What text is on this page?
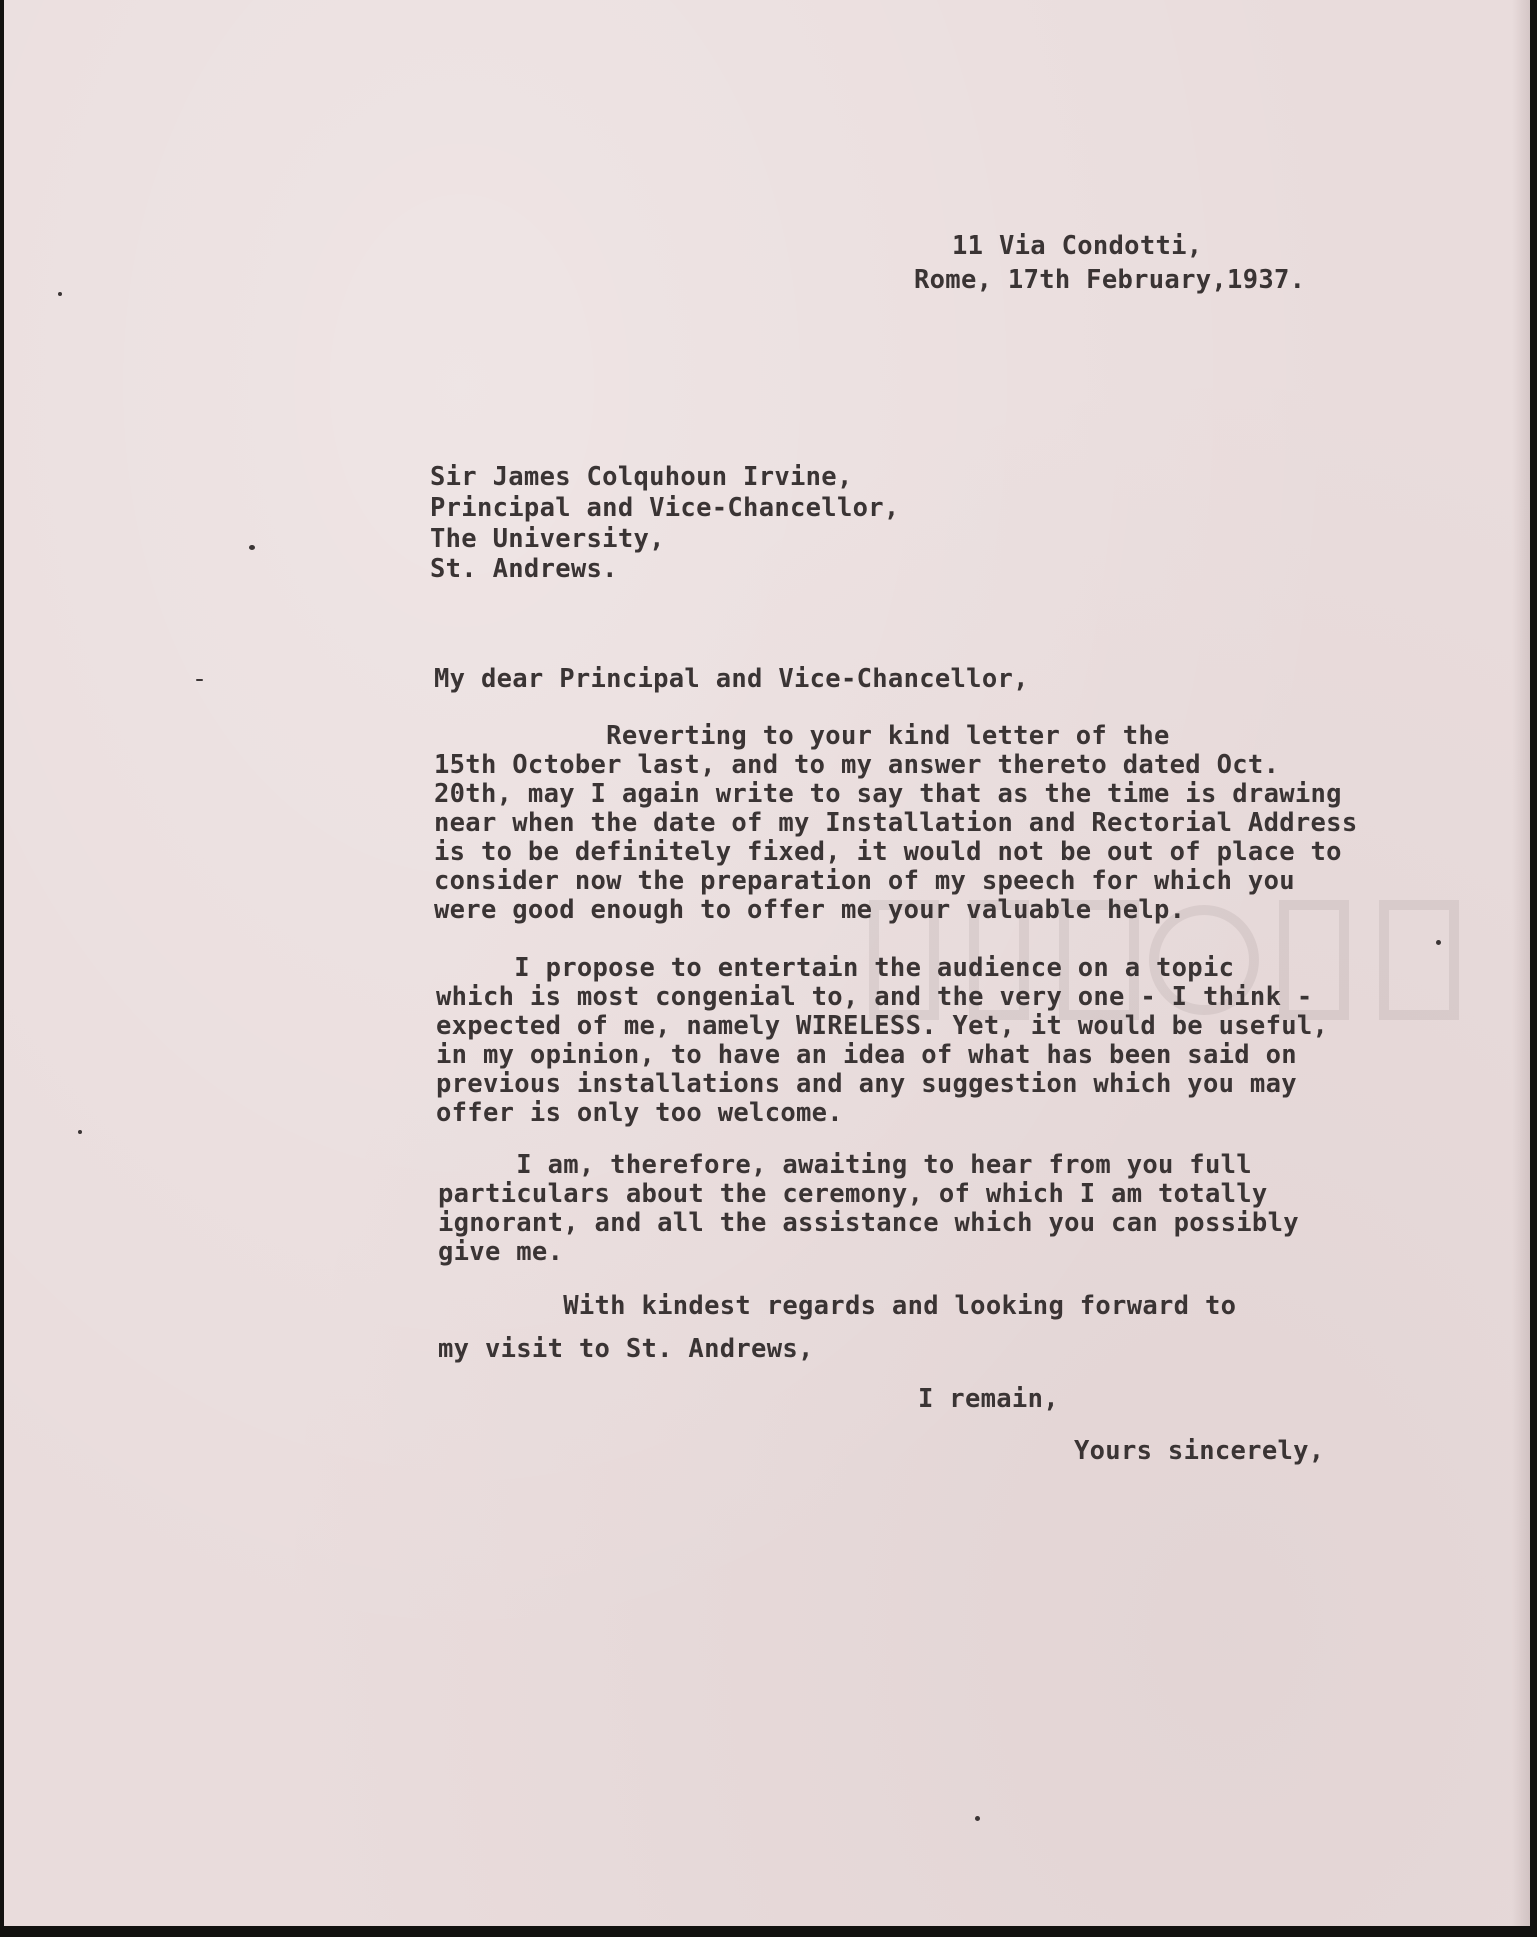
11 Via Condotti,

Rome, 17th February,1937.

Sir James Colquhoun Irvine,

Principal and Vice-Chancellor,

The University,

St. Andrews.

My dear Principal and Vice-Chancellor,

Reverting to your kind letter of the

15th October last, and to my answer thereto dated Oct.

20th, may I again write to say that as the time is drawing

near when the date of my Installation and Rectorial Address

is to be definitely fixed, it would not be out of place to

consider now the preparation of my speech for which you

were good enough to offer me your valuable help.

I propose to entertain the audience on a topic

which is most congenial to, and the very one - I think -

expected of me, namely WIRELESS. Yet, it would be useful,

in my opinion, to have an idea of what has been said on

previous installations and any suggestion which you may

offer is only too welcome.

I am, therefore, awaiting to hear from you full

particulars about the ceremony, of which I am totally

ignorant, and all the assistance which you can possibly

give me.

With kindest regards and looking forward to

my visit to St. Andrews,

I remain,

Yours sincerely,
